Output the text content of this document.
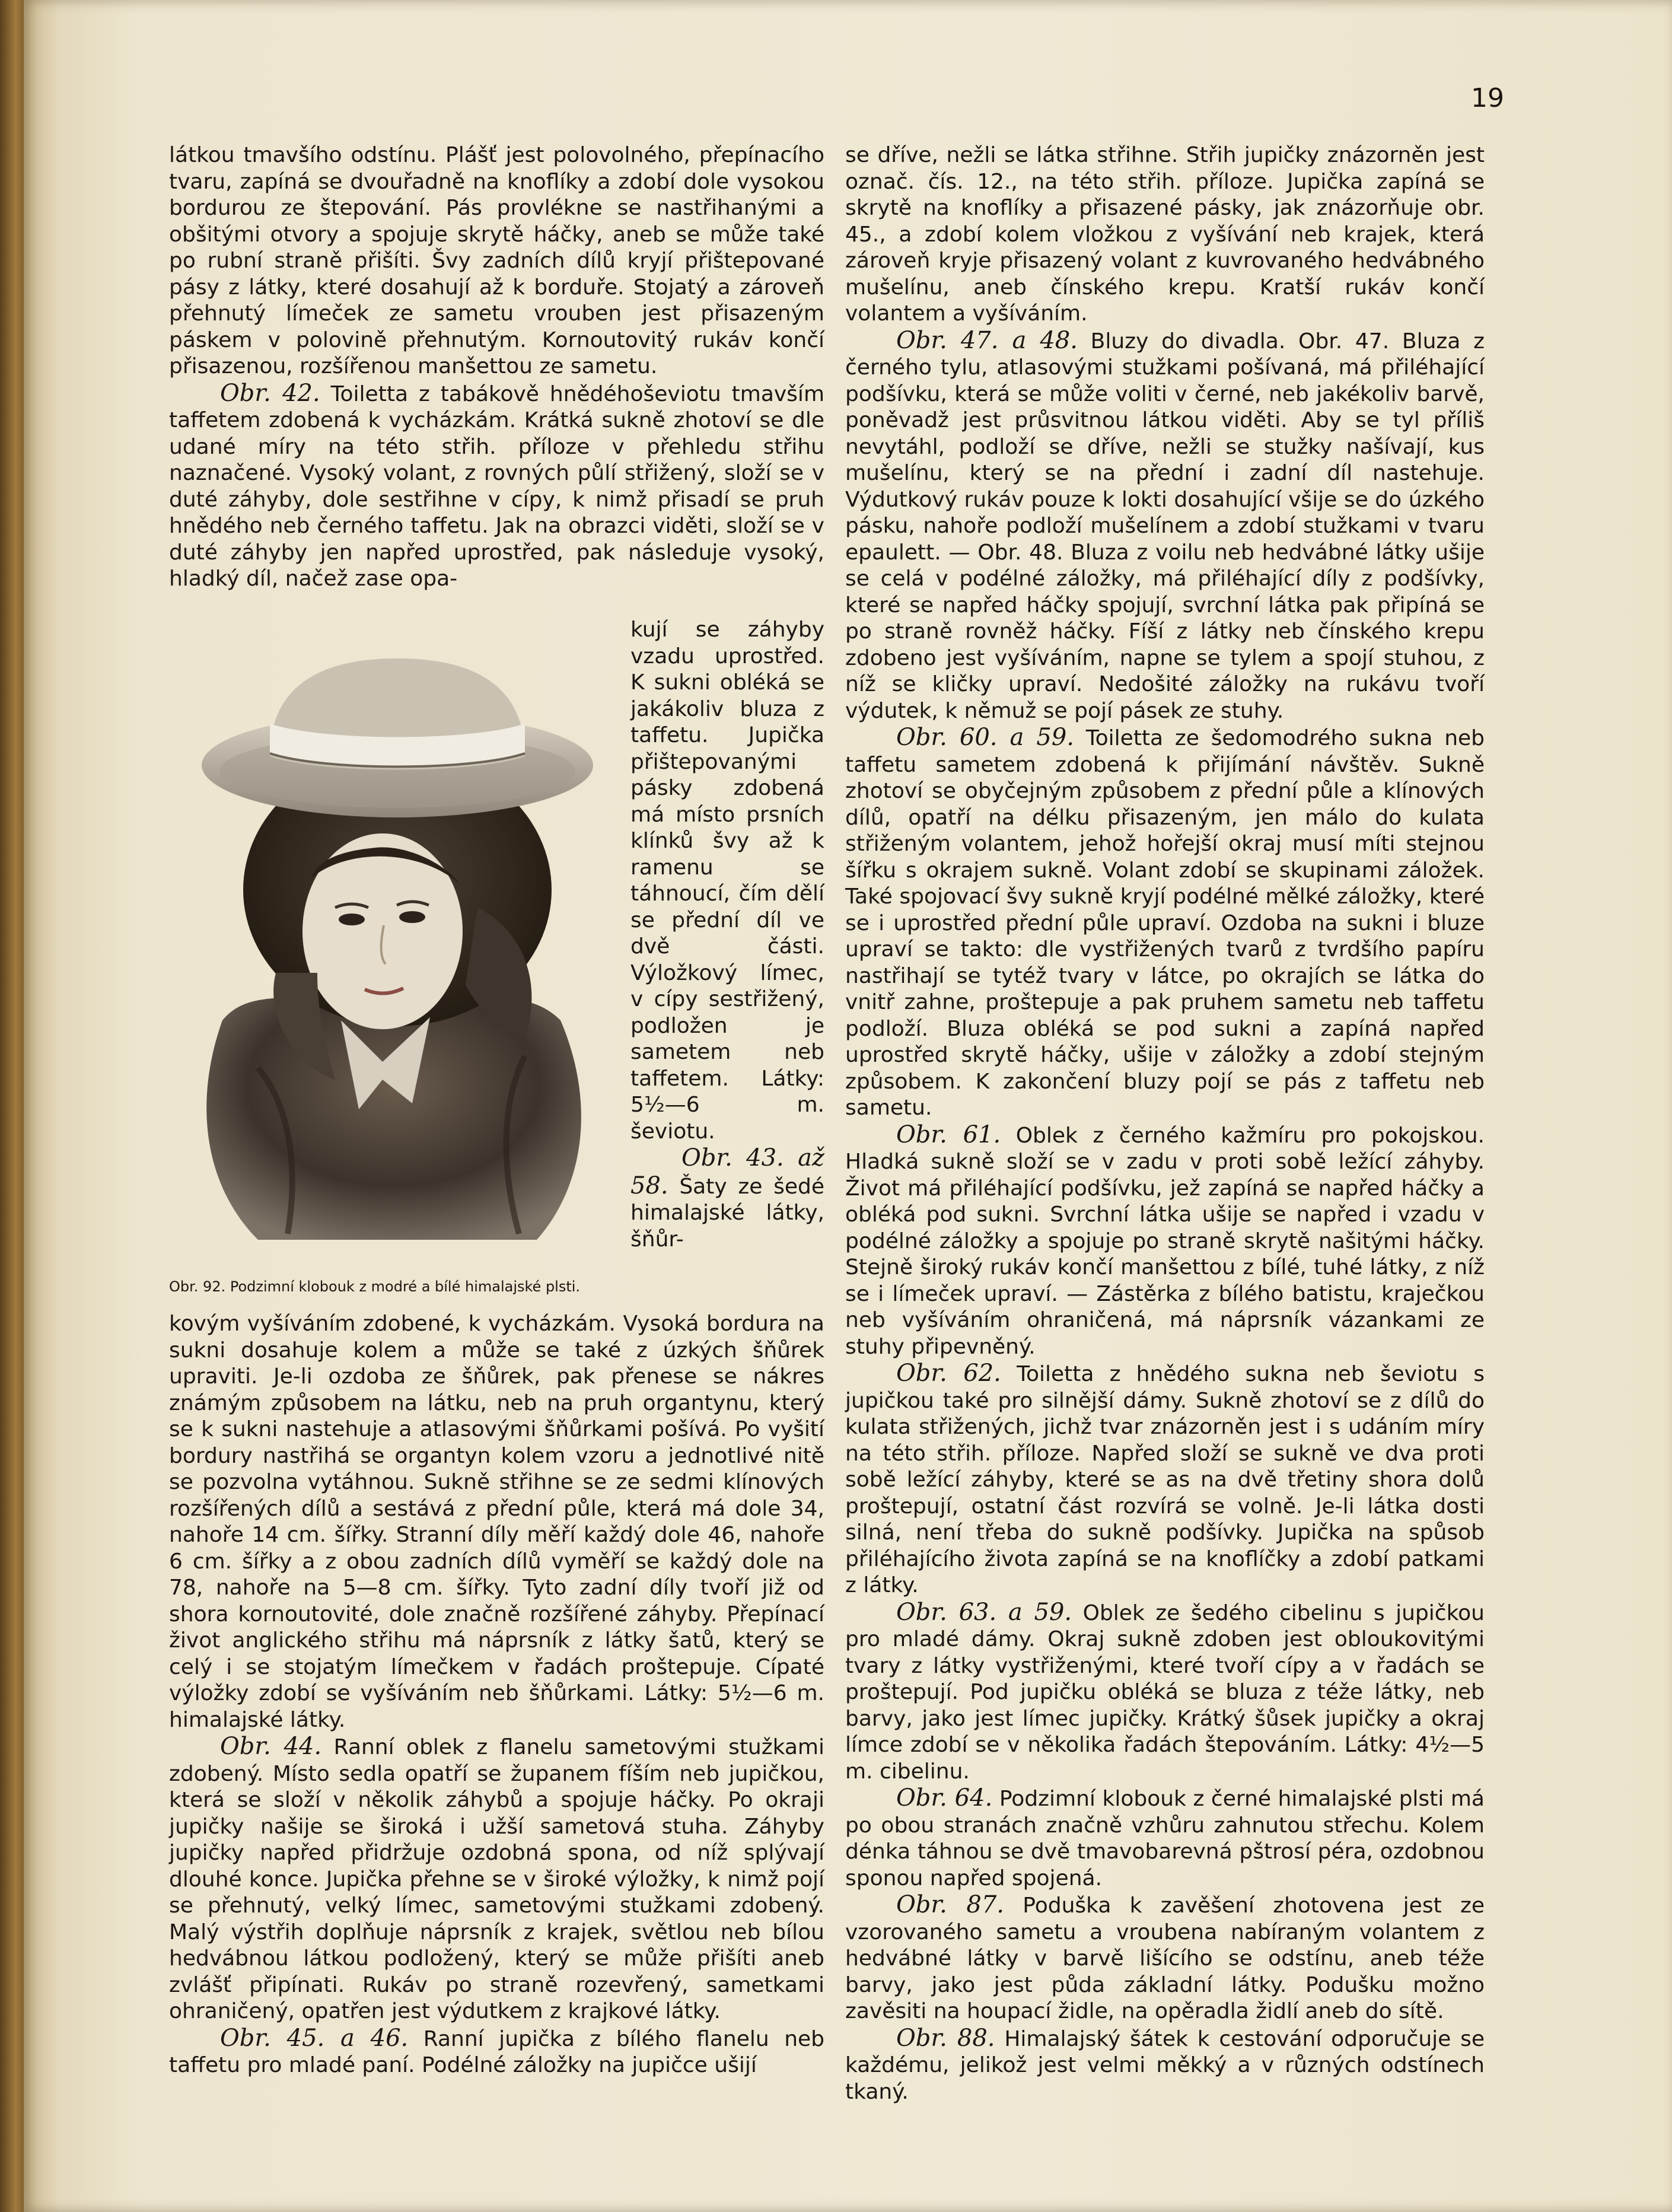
19

látkou tmavšího odstínu. Plášť jest polovolného, přepínacího tvaru, zapíná se dvouřadně na knoflíky a zdobí dole vysokou bordurou ze štepování. Pás provlékne se nastřihanými a obšitými otvory a spojuje skrytě háčky, aneb se může také po rubní straně přišíti. Švy zadních dílů kryjí přištepované pásy z látky, které dosahují až k borduře. Stojatý a zároveň přehnutý límeček ze sametu vrouben jest přisazeným páskem v polovině přehnutým. Kornoutovitý rukáv končí přisazenou, rozšířenou manšettou ze sametu.

Obr. 42. Toiletta z tabákově hnědéhoševiotu tmavším taffetem zdobená k vycházkám. Krátká sukně zhotoví se dle udané míry na této střih. příloze v přehledu střihu naznačené. Vysoký volant, z rovných půlí střižený, složí se v duté záhyby, dole sestřihne v cípy, k nimž přisadí se pruh hnědého neb černého taffetu. Jak na obrazci viděti, složí se v duté záhyby jen napřed uprostřed, pak následuje vysoký, hladký díl, načež zase opa-

Obr. 92. Podzimní klobouk z modré a bílé himalajské plsti.

kují se záhyby vzadu uprostřed. K sukni obléká se jakákoliv bluza z taffetu. Jupička přištepovanými pásky zdobená má místo prsních klínků švy až k ramenu se táhnoucí, čím dělí se přední díl ve dvě části. Výložkový límec, v cípy sestřižený, podložen je sametem neb taffetem. Látky: 5½—6 m. ševiotu.

Obr. 43. až 58. Šaty ze šedé himalajské látky, šňůr-

kovým vyšíváním zdobené, k vycházkám. Vysoká bordura na sukni dosahuje kolem a může se také z úzkých šňůrek upraviti. Je-li ozdoba ze šňůrek, pak přenese se nákres známým způsobem na látku, neb na pruh organtynu, který se k sukni nastehuje a atlasovými šňůrkami pošívá. Po vyšití bordury nastřihá se organtyn kolem vzoru a jednotlivé nitě se pozvolna vytáhnou. Sukně střihne se ze sedmi klínových rozšířených dílů a sestává z přední půle, která má dole 34, nahoře 14 cm. šířky. Stranní díly měří každý dole 46, nahoře 6 cm. šířky a z obou zadních dílů vyměří se každý dole na 78, nahoře na 5—8 cm. šířky. Tyto zadní díly tvoří již od shora kornoutovité, dole značně rozšířené záhyby. Přepínací život anglického střihu má náprsník z látky šatů, který se celý i se stojatým límečkem v řadách proštepuje. Cípaté výložky zdobí se vyšíváním neb šňůrkami. Látky: 5½—6 m. himalajské látky.

Obr. 44. Ranní oblek z flanelu sametovými stužkami zdobený. Místo sedla opatří se županem fíším neb jupičkou, která se složí v několik záhybů a spojuje háčky. Po okraji jupičky našije se široká i užší sametová stuha. Záhyby jupičky napřed přidržuje ozdobná spona, od níž splývají dlouhé konce. Jupička přehne se v široké výložky, k nimž pojí se přehnutý, velký límec, sametovými stužkami zdobený. Malý výstřih doplňuje náprsník z krajek, světlou neb bílou hedvábnou látkou podložený, který se může přišíti aneb zvlášť připínati. Rukáv po straně rozevřený, sametkami ohraničený, opatřen jest výdutkem z krajkové látky.

Obr. 45. a 46. Ranní jupička z bílého flanelu neb taffetu pro mladé paní. Podélné záložky na jupičce ušijí

se dříve, nežli se látka střihne. Střih jupičky znázorněn jest označ. čís. 12., na této střih. příloze. Jupička zapíná se skrytě na knoflíky a přisazené pásky, jak znázorňuje obr. 45., a zdobí kolem vložkou z vyšívání neb krajek, která zároveň kryje přisazený volant z kuvrovaného hedvábného mušelínu, aneb čínského krepu. Kratší rukáv končí volantem a vyšíváním.

Obr. 47. a 48. Bluzy do divadla. Obr. 47. Bluza z černého tylu, atlasovými stužkami pošívaná, má přiléhající podšívku, která se může voliti v černé, neb jakékoliv barvě, poněvadž jest průsvitnou látkou viděti. Aby se tyl příliš nevytáhl, podloží se dříve, nežli se stužky našívají, kus mušelínu, který se na přední i zadní díl nastehuje. Výdutkový rukáv pouze k lokti dosahující všije se do úzkého pásku, nahoře podloží mušelínem a zdobí stužkami v tvaru epaulett. — Obr. 48. Bluza z voilu neb hedvábné látky ušije se celá v podélné záložky, má přiléhající díly z podšívky, které se napřed háčky spojují, svrchní látka pak připíná se po straně rovněž háčky. Fíší z látky neb čínského krepu zdobeno jest vyšíváním, napne se tylem a spojí stuhou, z níž se kličky upraví. Nedošité záložky na rukávu tvoří výdutek, k němuž se pojí pásek ze stuhy.

Obr. 60. a 59. Toiletta ze šedomodrého sukna neb taffetu sametem zdobená k přijímání návštěv. Sukně zhotoví se obyčejným způsobem z přední půle a klínových dílů, opatří na délku přisazeným, jen málo do kulata střiženým volantem, jehož hořejší okraj musí míti stejnou šířku s okrajem sukně. Volant zdobí se skupinami záložek. Také spojovací švy sukně kryjí podélné mělké záložky, které se i uprostřed přední půle upraví. Ozdoba na sukni i bluze upraví se takto: dle vystřižených tvarů z tvrdšího papíru nastřihají se tytéž tvary v látce, po okrajích se látka do vnitř zahne, proštepuje a pak pruhem sametu neb taffetu podloží. Bluza obléká se pod sukni a zapíná napřed uprostřed skrytě háčky, ušije v záložky a zdobí stejným způsobem. K zakončení bluzy pojí se pás z taffetu neb sametu.

Obr. 61. Oblek z černého kažmíru pro pokojskou. Hladká sukně složí se v zadu v proti sobě ležící záhyby. Život má přiléhající podšívku, jež zapíná se napřed háčky a obléká pod sukni. Svrchní látka ušije se napřed i vzadu v podélné záložky a spojuje po straně skrytě našitými háčky. Stejně široký rukáv končí manšettou z bílé, tuhé látky, z níž se i límeček upraví. — Zástěrka z bílého batistu, kraječkou neb vyšíváním ohraničená, má náprsník vázankami ze stuhy připevněný.

Obr. 62. Toiletta z hnědého sukna neb ševiotu s jupičkou také pro silnější dámy. Sukně zhotoví se z dílů do kulata střižených, jichž tvar znázorněn jest i s udáním míry na této střih. příloze. Napřed složí se sukně ve dva proti sobě ležící záhyby, které se as na dvě třetiny shora dolů proštepují, ostatní část rozvírá se volně. Je-li látka dosti silná, není třeba do sukně podšívky. Jupička na spůsob přiléhajícího života zapíná se na knoflíčky a zdobí patkami z látky.

Obr. 63. a 59. Oblek ze šedého cibelinu s jupičkou pro mladé dámy. Okraj sukně zdoben jest obloukovitými tvary z látky vystřiženými, které tvoří cípy a v řadách se proštepují. Pod jupičku obléká se bluza z téže látky, neb barvy, jako jest límec jupičky. Krátký šůsek jupičky a okraj límce zdobí se v několika řadách štepováním. Látky: 4½—5 m. cibelinu.

Obr. 64. Podzimní klobouk z černé himalajské plsti má po obou stranách značně vzhůru zahnutou střechu. Kolem dénka táhnou se dvě tmavobarevná pštrosí péra, ozdobnou sponou napřed spojená.

Obr. 87. Poduška k zavěšení zhotovena jest ze vzorovaného sametu a vroubena nabíraným volantem z hedvábné látky v barvě lišícího se odstínu, aneb téže barvy, jako jest půda základní látky. Podušku možno zavěsiti na houpací židle, na opěradla židlí aneb do sítě.

Obr. 88. Himalajský šátek k cestování odporučuje se každému, jelikož jest velmi měkký a v různých odstínech tkaný.
